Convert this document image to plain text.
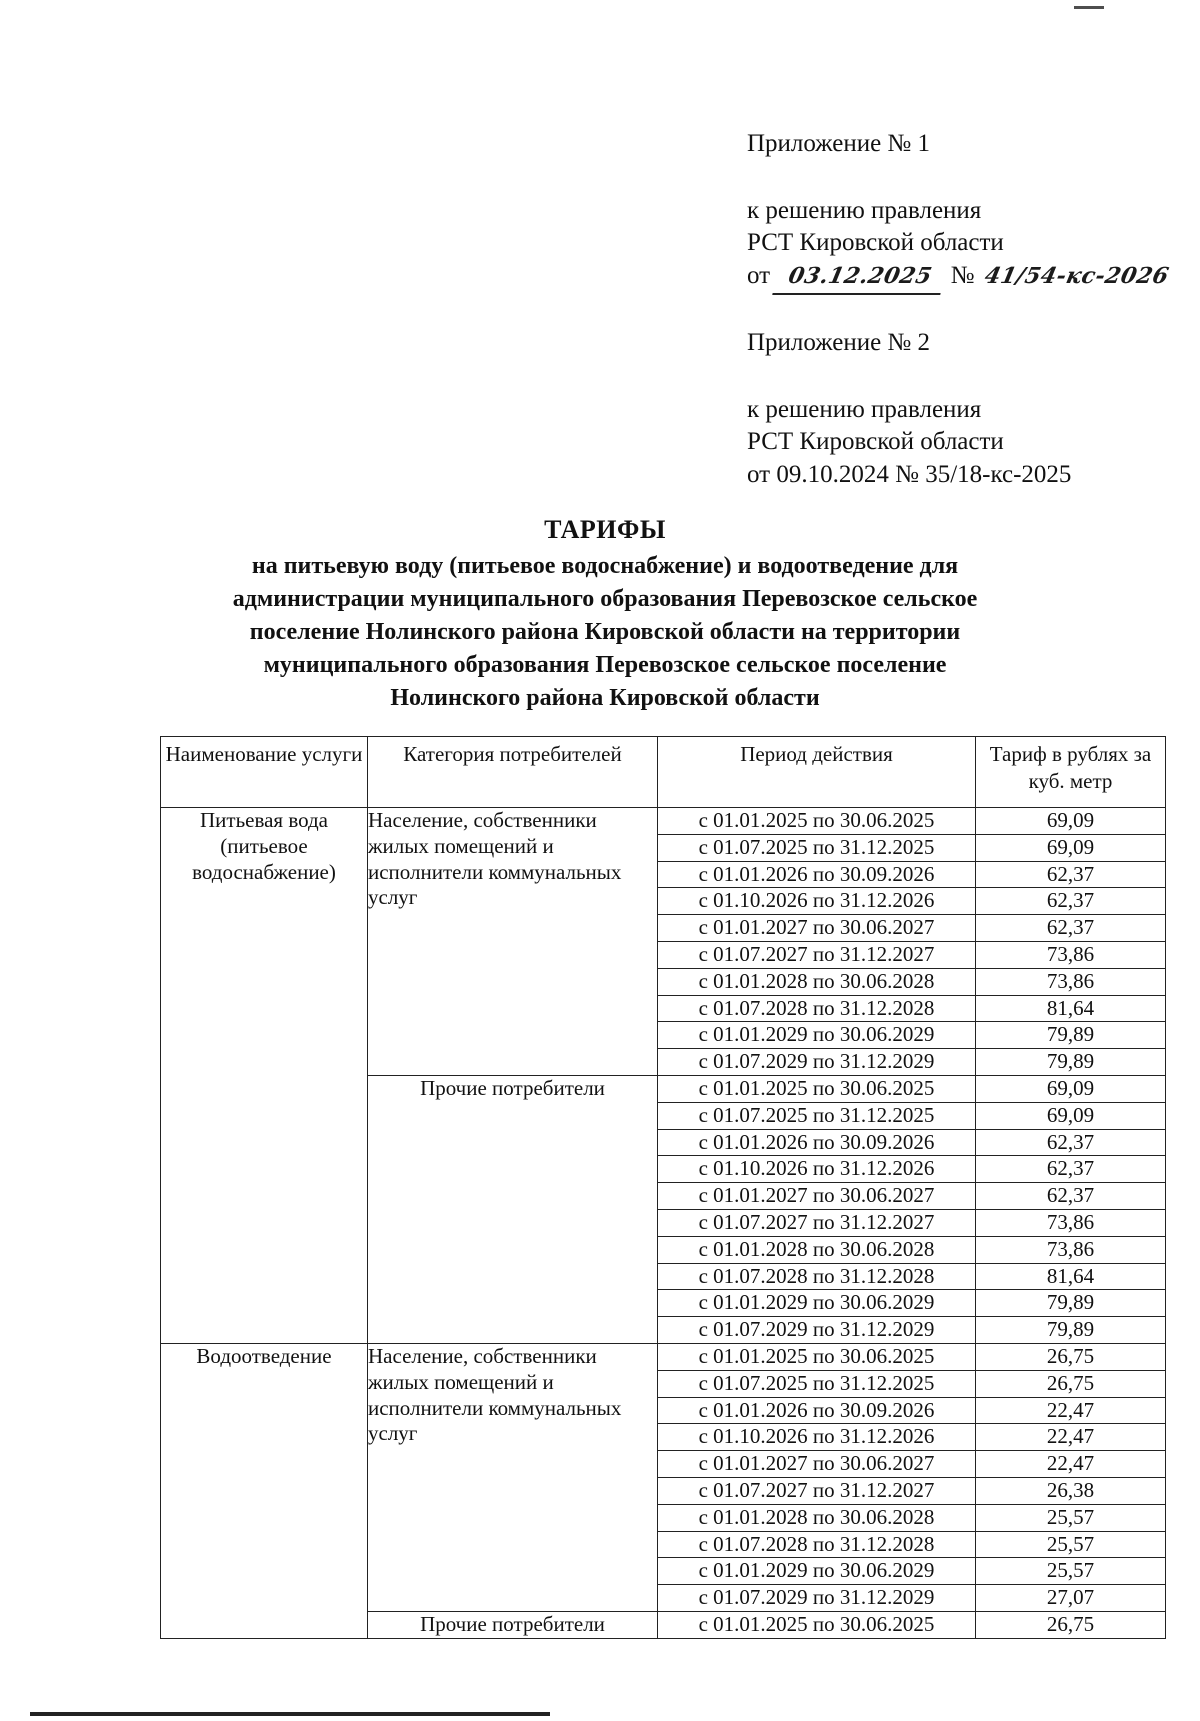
Приложение № 1
к решению правления
РСТ Кировской области
от 03.12.2025 № 41/54-кс-2026
Приложение № 2
к решению правления
РСТ Кировской области
от 09.10.2024 № 35/18-кс-2025
ТАРИФЫ
на питьевую воду (питьевое водоснабжение) и водоотведение для
администрации муниципального образования Перевозское сельское
поселение Нолинского района Кировской области на территории
муниципального образования Перевозское сельское поселение
Нолинского района Кировской области
Наименование услуги	Категория потребителей	Период действия	Тариф в рублях за куб. метр
Питьевая вода (питьевое водоснабжение)	Население, собственники жилых помещений и исполнители коммунальных услуг	с 01.01.2025 по 30.06.2025	69,09
		с 01.07.2025 по 31.12.2025	69,09
		с 01.01.2026 по 30.09.2026	62,37
		с 01.10.2026 по 31.12.2026	62,37
		с 01.01.2027 по 30.06.2027	62,37
		с 01.07.2027 по 31.12.2027	73,86
		с 01.01.2028 по 30.06.2028	73,86
		с 01.07.2028 по 31.12.2028	81,64
		с 01.01.2029 по 30.06.2029	79,89
		с 01.07.2029 по 31.12.2029	79,89
	Прочие потребители	с 01.01.2025 по 30.06.2025	69,09
		с 01.07.2025 по 31.12.2025	69,09
		с 01.01.2026 по 30.09.2026	62,37
		с 01.10.2026 по 31.12.2026	62,37
		с 01.01.2027 по 30.06.2027	62,37
		с 01.07.2027 по 31.12.2027	73,86
		с 01.01.2028 по 30.06.2028	73,86
		с 01.07.2028 по 31.12.2028	81,64
		с 01.01.2029 по 30.06.2029	79,89
		с 01.07.2029 по 31.12.2029	79,89
Водоотведение	Население, собственники жилых помещений и исполнители коммунальных услуг	с 01.01.2025 по 30.06.2025	26,75
		с 01.07.2025 по 31.12.2025	26,75
		с 01.01.2026 по 30.09.2026	22,47
		с 01.10.2026 по 31.12.2026	22,47
		с 01.01.2027 по 30.06.2027	22,47
		с 01.07.2027 по 31.12.2027	26,38
		с 01.01.2028 по 30.06.2028	25,57
		с 01.07.2028 по 31.12.2028	25,57
		с 01.01.2029 по 30.06.2029	25,57
		с 01.07.2029 по 31.12.2029	27,07
	Прочие потребители	с 01.01.2025 по 30.06.2025	26,75
